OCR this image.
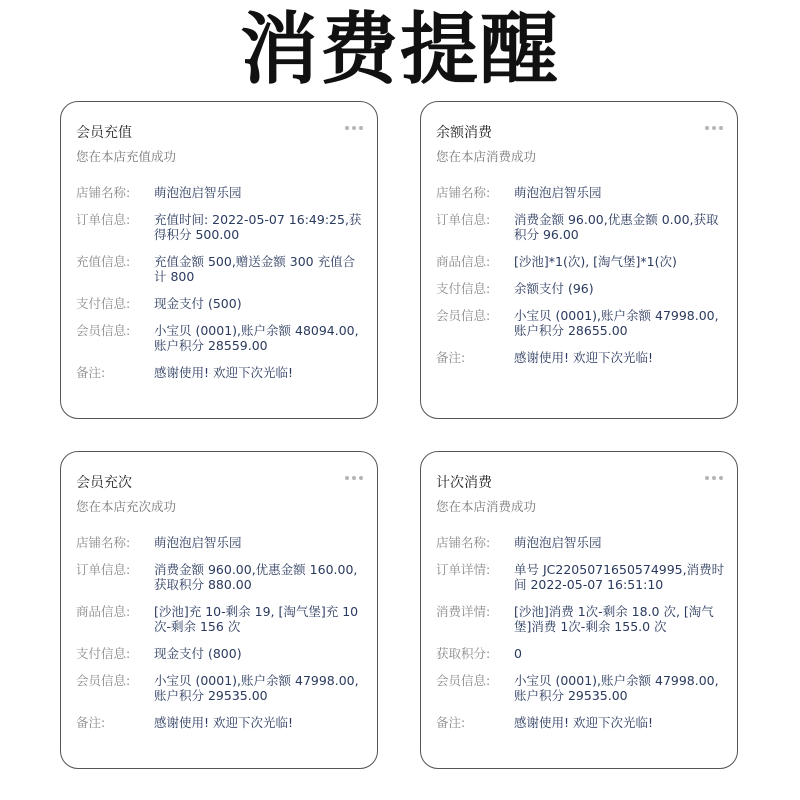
消费提醒
会员充值
您在本店充值成功
店铺名称:	萌泡泡启智乐园
订单信息:	充值时间: 2022-05-07 16:49:25,获得积分 500.00
充值信息:	充值金额 500,赠送金额 300 充值合计 800
支付信息:	现金支付 (500)
会员信息:	小宝贝 (0001),账户余额 48094.00,账户积分 28559.00
备注:	感谢使用! 欢迎下次光临!
余额消费
您在本店消费成功
店铺名称:	萌泡泡启智乐园
订单信息:	消费金额 96.00,优惠金额 0.00,获取积分 96.00
商品信息:	[沙池]*1(次), [淘气堡]*1(次)
支付信息:	余额支付 (96)
会员信息:	小宝贝 (0001),账户余额 47998.00,账户积分 28655.00
备注:	感谢使用! 欢迎下次光临!
会员充次
您在本店充次成功
店铺名称:	萌泡泡启智乐园
订单信息:	消费金额 960.00,优惠金额 160.00,获取积分 880.00
商品信息:	[沙池]充 10-剩余 19, [淘气堡]充 10 次-剩余 156 次
支付信息:	现金支付 (800)
会员信息:	小宝贝 (0001),账户余额 47998.00,账户积分 29535.00
备注:	感谢使用! 欢迎下次光临!
计次消费
您在本店消费成功
店铺名称:	萌泡泡启智乐园
订单详情:	单号 JC2205071650574995,消费时间 2022-05-07 16:51:10
消费详情:	[沙池]消费 1次-剩余 18.0 次, [淘气堡]消费 1次-剩余 155.0 次
获取积分:	0
会员信息:	小宝贝 (0001),账户余额 47998.00,账户积分 29535.00
备注:	感谢使用! 欢迎下次光临!
